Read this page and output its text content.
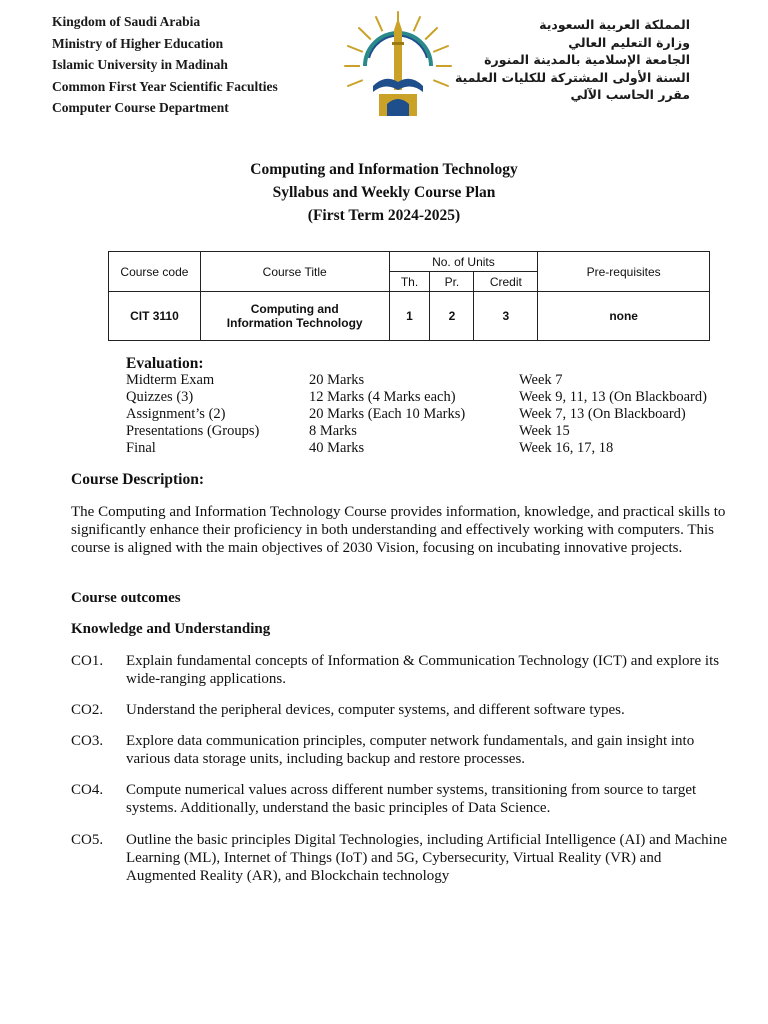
Kingdom of Saudi Arabia
Ministry of Higher Education
Islamic University in Madinah
Common First Year Scientific Faculties
Computer Course Department
المملكة العربية السعودية
وزارة التعليم العالي
الجامعة الإسلامية بالمدينة المنورة
السنة الأولى المشتركة للكليات العلمية
مقرر الحاسب الآلي
Computing and Information Technology
Syllabus and Weekly Course Plan
(First Term 2024-2025)
Course code	Course Title	No. of Units			Pre-requisites
		Th.	Pr.	Credit	
CIT 3110	Computing and
Information Technology	1	2	3	none
Evaluation:
Midterm Exam	20 Marks	Week 7
Quizzes (3)	12 Marks (4 Marks each)	Week 9, 11, 13 (On Blackboard)
Assignment’s (2)	20 Marks (Each 10 Marks)	Week 7, 13 (On Blackboard)
Presentations (Groups)	8 Marks	Week 15
Final	40 Marks	Week 16, 17, 18
Course Description:
The Computing and Information Technology Course provides information, knowledge, and practical skills to significantly enhance their proficiency in both understanding and effectively working with computers. This course is aligned with the main objectives of 2030 Vision, focusing on incubating innovative projects.
Course outcomes
Knowledge and Understanding
CO1. Explain fundamental concepts of Information & Communication Technology (ICT) and explore its wide-ranging applications.
CO2. Understand the peripheral devices, computer systems, and different software types.
CO3. Explore data communication principles, computer network fundamentals, and gain insight into various data storage units, including backup and restore processes.
CO4. Compute numerical values across different number systems, transitioning from source to target systems. Additionally, understand the basic principles of Data Science.
CO5. Outline the basic principles Digital Technologies, including Artificial Intelligence (AI) and Machine Learning (ML), Internet of Things (IoT) and 5G, Cybersecurity, Virtual Reality (VR) and Augmented Reality (AR), and Blockchain technology
